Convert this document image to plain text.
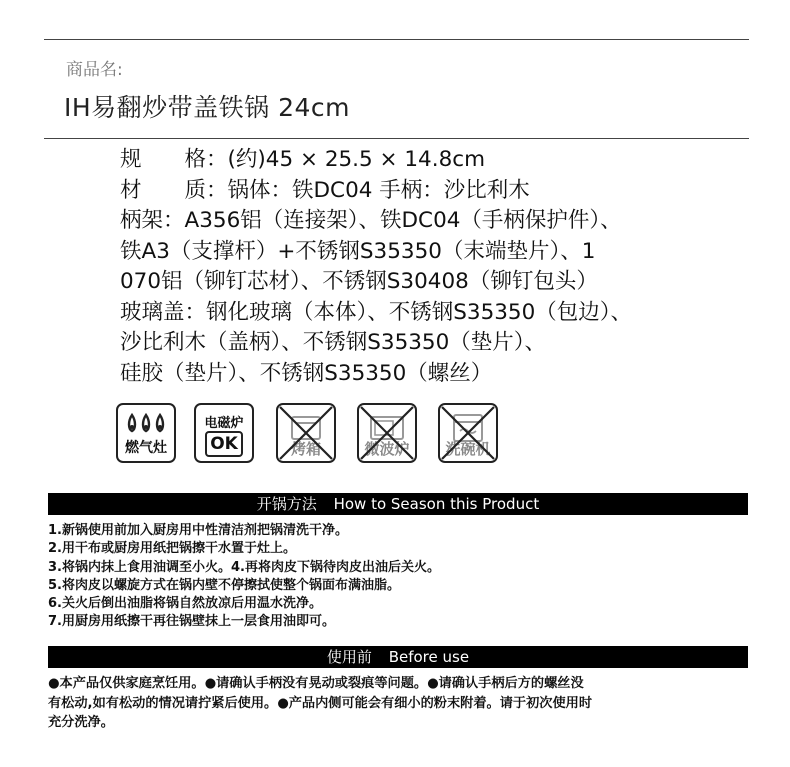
商品名:
IH易翻炒带盖铁锅 24cm
规　　格：(约)45 × 25.5 × 14.8cm
材　　质：锅体：铁DC04 手柄：沙比利木
柄架：A356铝（连接架）、铁DC04（手柄保护件）、
铁A3（支撑杆）+不锈钢S35350（末端垫片）、1
070铝（铆钉芯材）、不锈钢S30408（铆钉包头）
玻璃盖：钢化玻璃（本体）、不锈钢S35350（包边）、
沙比利木（盖柄）、不锈钢S35350（垫片）、
硅胶（垫片）、不锈钢S35350（螺丝）
燃气灶
电磁炉
OK	烤箱	微波炉	洗碗机
开锅方法 How to Season this Product
1.新锅使用前加入厨房用中性清洁剂把锅清洗干净。
2.用干布或厨房用纸把锅擦干水置于灶上。
3.将锅内抹上食用油调至小火。4.再将肉皮下锅待肉皮出油后关火。
5.将肉皮以螺旋方式在锅内壁不停擦拭使整个锅面布满油脂。
6.关火后倒出油脂将锅自然放凉后用温水洗净。
7.用厨房用纸擦干再往锅壁抹上一层食用油即可。
使用前 Before use
●本产品仅供家庭烹饪用。●请确认手柄没有晃动或裂痕等问题。●请确认手柄后方的螺丝没
有松动,如有松动的情况请拧紧后使用。●产品内侧可能会有细小的粉末附着。请于初次使用时
充分洗净。
